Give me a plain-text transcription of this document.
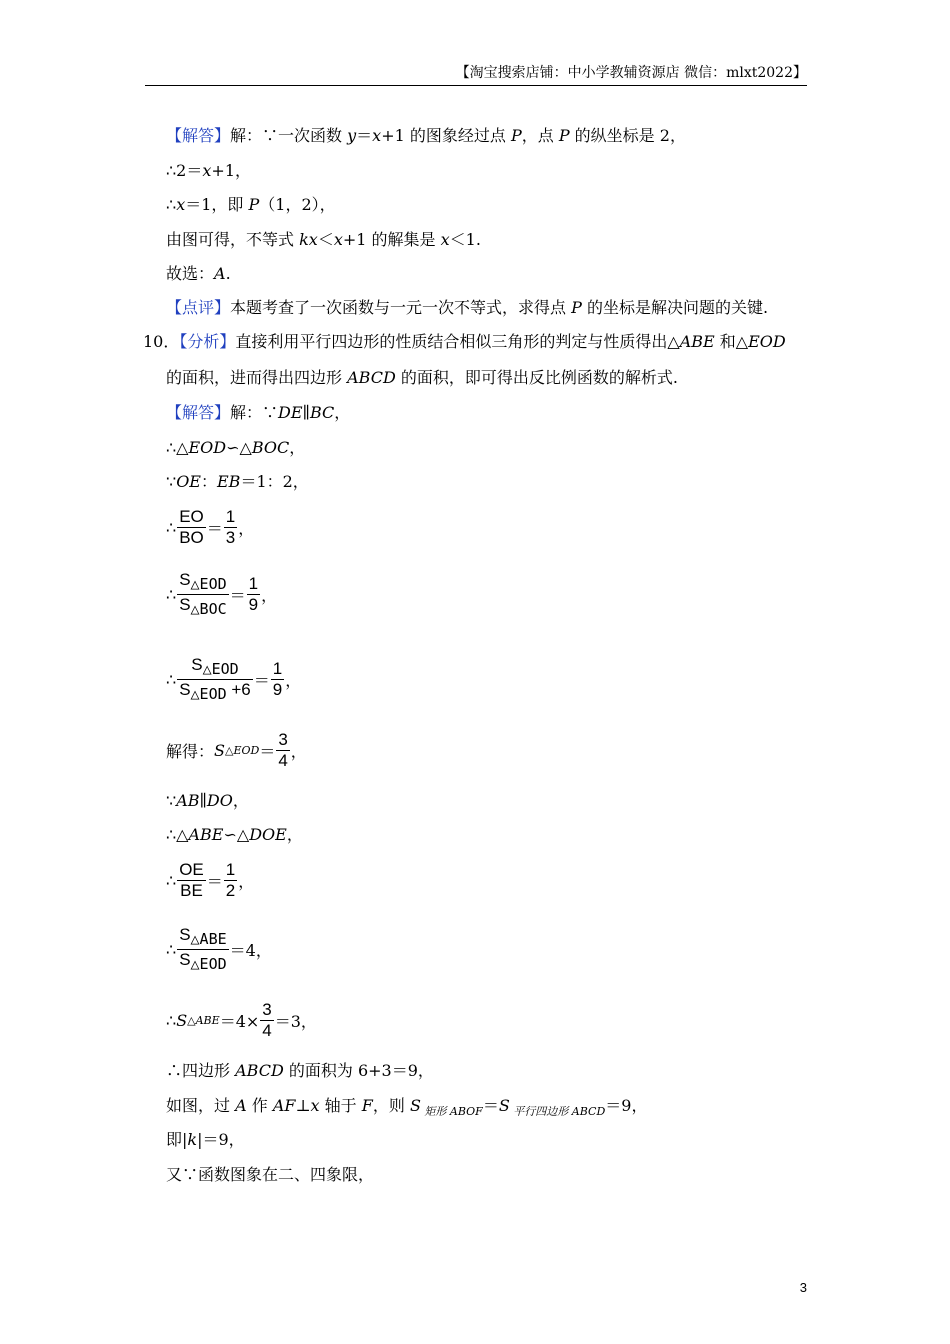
【淘宝搜索店铺：中小学教辅资源店 微信：mlxt2022】
【解答】解：∵一次函数 y＝x+1 的图象经过点 P，点 P 的纵坐标是 2，
∴2＝x+1，
∴x＝1，即 P（1，2），
由图可得，不等式 kx＜x+1 的解集是 x＜1.
故选：A.
【点评】本题考查了一次函数与一元一次不等式，求得点 P 的坐标是解决问题的关键.
10．【分析】直接利用平行四边形的性质结合相似三角形的判定与性质得出△ABE 和△EOD
的面积，进而得出四边形 ABCD 的面积，即可得出反比例函数的解析式.
【解答】解：∵DE∥BC，
∴△EOD∽△BOC，
∵OE：EB＝1：2，
∴ $\frac{EO}{BO} = \frac{1}{3}$ ，
∴ $\frac{\text{S△EOD}}{\text{S△BOC}} = \frac{1}{9}$ ，
∴ $\frac{\text{S△EOD}}{\text{S△EOD +6}} = \frac{1}{9}$ ，
解得： S △EOD ＝ $\frac{3}{4}$ ，
∵AB∥DO，
∴△ABE∽△DOE，
∴ $\frac{OE}{BE} = \frac{1}{2}$ ，
∴ $\frac{\text{S△ABE}}{\text{S△EOD}} =4$，
∴ S △ABE $=4\times \frac{3}{4} =3$，
∴四边形 ABCD 的面积为 6+3＝9，
如图，过 A 作 AF⊥x 轴于 F，则 S $_{矩形 ABOF}$＝S $_{平行四边形 ABCD}$＝9，
即|k|＝9，
又∵函数图象在二、四象限，
3
